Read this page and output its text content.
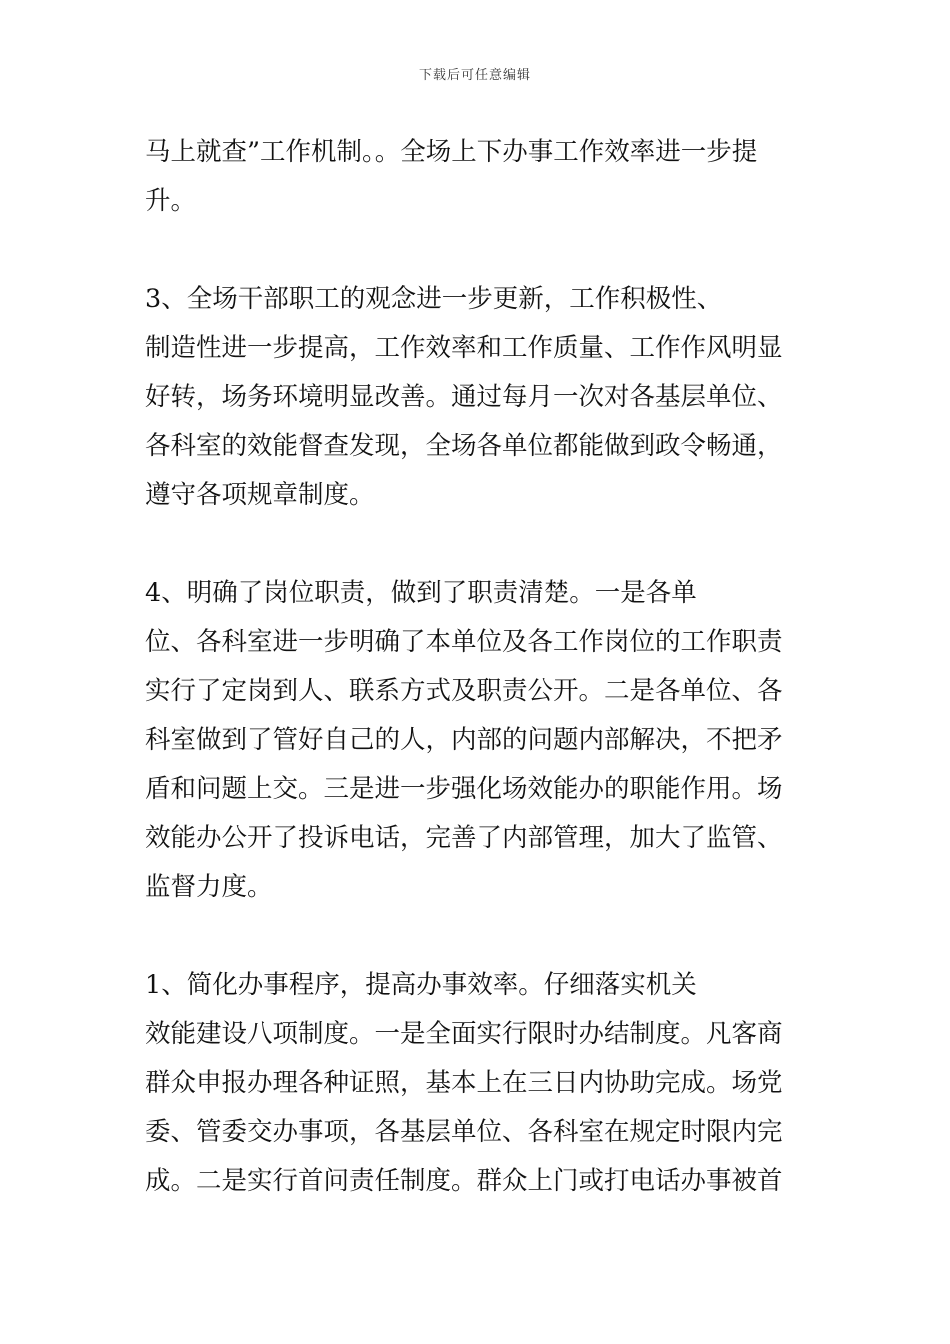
下载后可任意编辑

马上就查”工作机制。。全场上下办事工作效率进一步提
升。

3、全场干部职工的观念进一步更新，工作积极性、
制造性进一步提高，工作效率和工作质量、工作作风明显
好转，场务环境明显改善。通过每月一次对各基层单位、
各科室的效能督查发现，全场各单位都能做到政令畅通，
遵守各项规章制度。

4、明确了岗位职责，做到了职责清楚。一是各单
位、各科室进一步明确了本单位及各工作岗位的工作职责
实行了定岗到人、联系方式及职责公开。二是各单位、各
科室做到了管好自己的人，内部的问题内部解决，不把矛
盾和问题上交。三是进一步强化场效能办的职能作用。场
效能办公开了投诉电话，完善了内部管理，加大了监管、
监督力度。

1、简化办事程序，提高办事效率。仔细落实机关
效能建设八项制度。一是全面实行限时办结制度。凡客商
群众申报办理各种证照，基本上在三日内协助完成。场党
委、管委交办事项，各基层单位、各科室在规定时限内完
成。二是实行首问责任制度。群众上门或打电话办事被首
